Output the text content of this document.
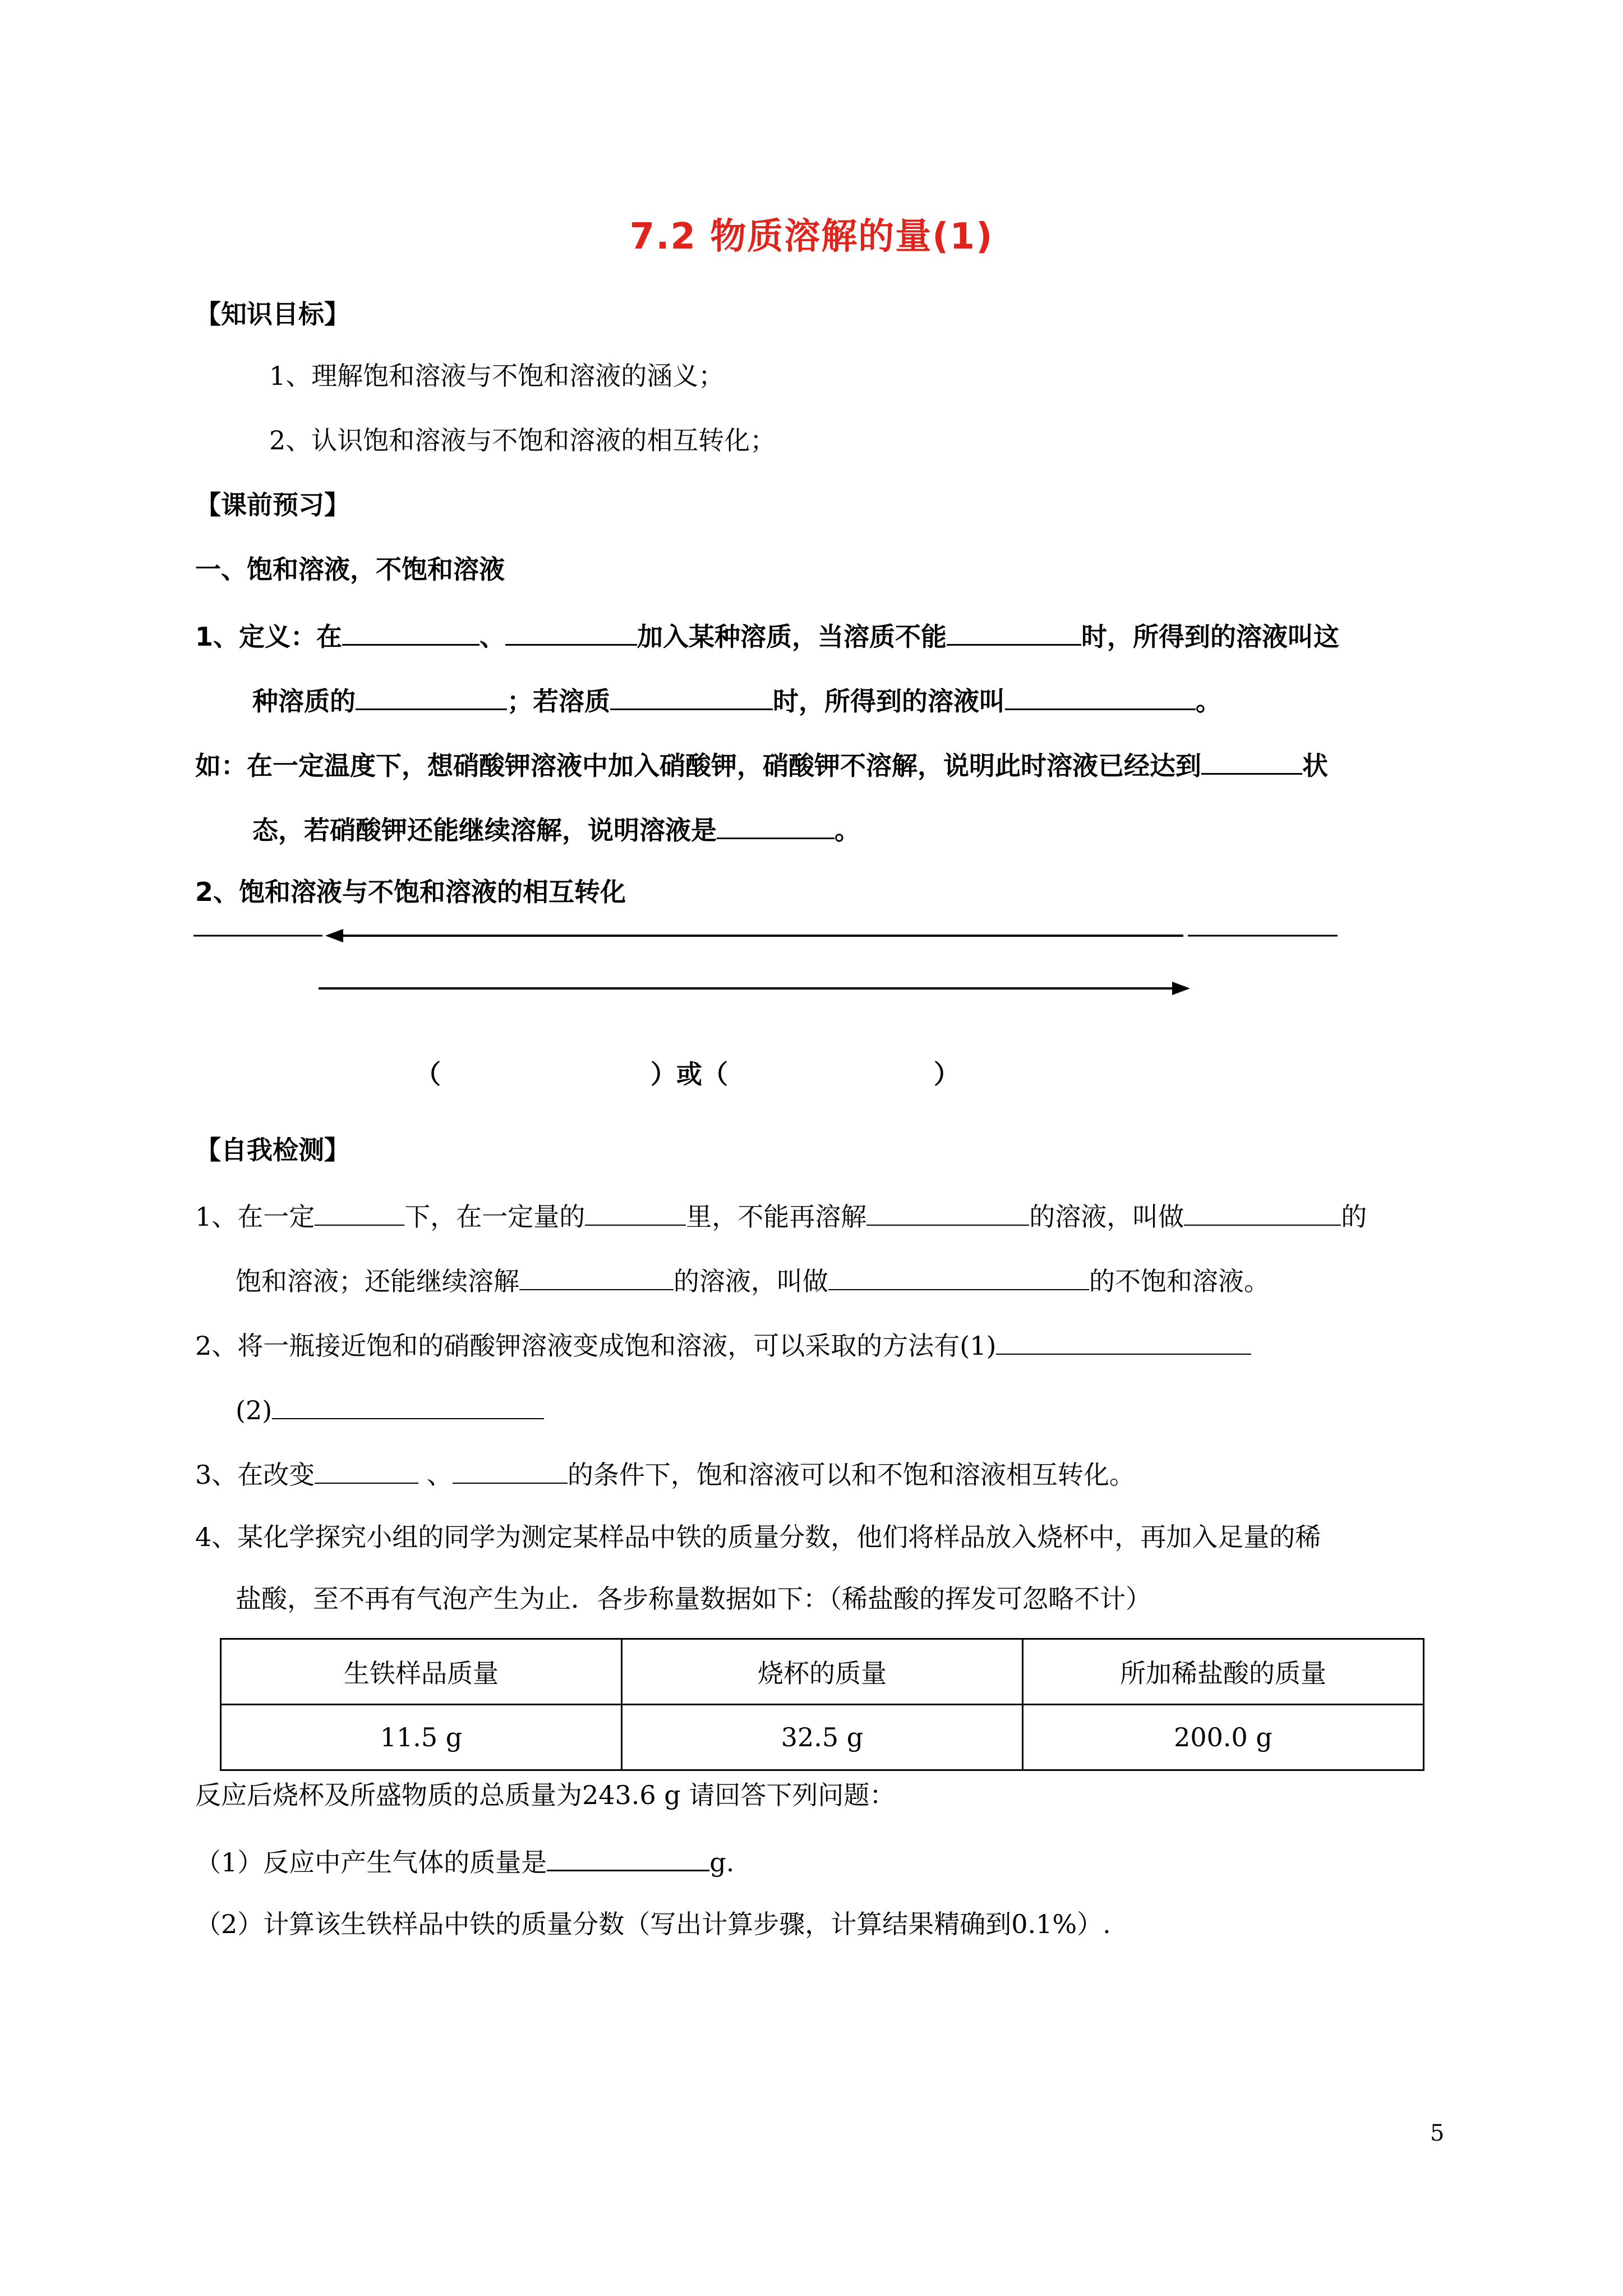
7.2 物质溶解的量(1)
【知识目标】
1、理解饱和溶液与不饱和溶液的涵义；
2、认识饱和溶液与不饱和溶液的相互转化；
【课前预习】
一、饱和溶液，不饱和溶液
1、定义：在	、	加入某种溶质，当溶质不能	时，所得到的溶液叫这
种溶质的	；若溶质	时，所得到的溶液叫	。
如：在一定温度下，想硝酸钾溶液中加入硝酸钾，硝酸钾不溶解，说明此时溶液已经达到	状
态，若硝酸钾还能继续溶解，说明溶液是	。
2、饱和溶液与不饱和溶液的相互转化
（	）或（	）
【自我检测】
1、在一定	下，在一定量的	里，不能再溶解	的溶液，叫做	的
饱和溶液；还能继续溶解	的溶液，叫做	的不饱和溶液。
2、将一瓶接近饱和的硝酸钾溶液变成饱和溶液，可以采取的方法有(1)
(2)
3、在改变	、	的条件下，饱和溶液可以和不饱和溶液相互转化。
4、某化学探究小组的同学为测定某样品中铁的质量分数，他们将样品放入烧杯中，再加入足量的稀
盐酸，至不再有气泡产生为止．各步称量数据如下：（稀盐酸的挥发可忽略不计）
生铁样品质量	烧杯的质量	所加稀盐酸的质量
11.5 g	32.5 g	200.0 g
反应后烧杯及所盛物质的总质量为243.6 g 请回答下列问题：
（1）反应中产生气体的质量是	g.
（2）计算该生铁样品中铁的质量分数（写出计算步骤，计算结果精确到0.1%）.
5
